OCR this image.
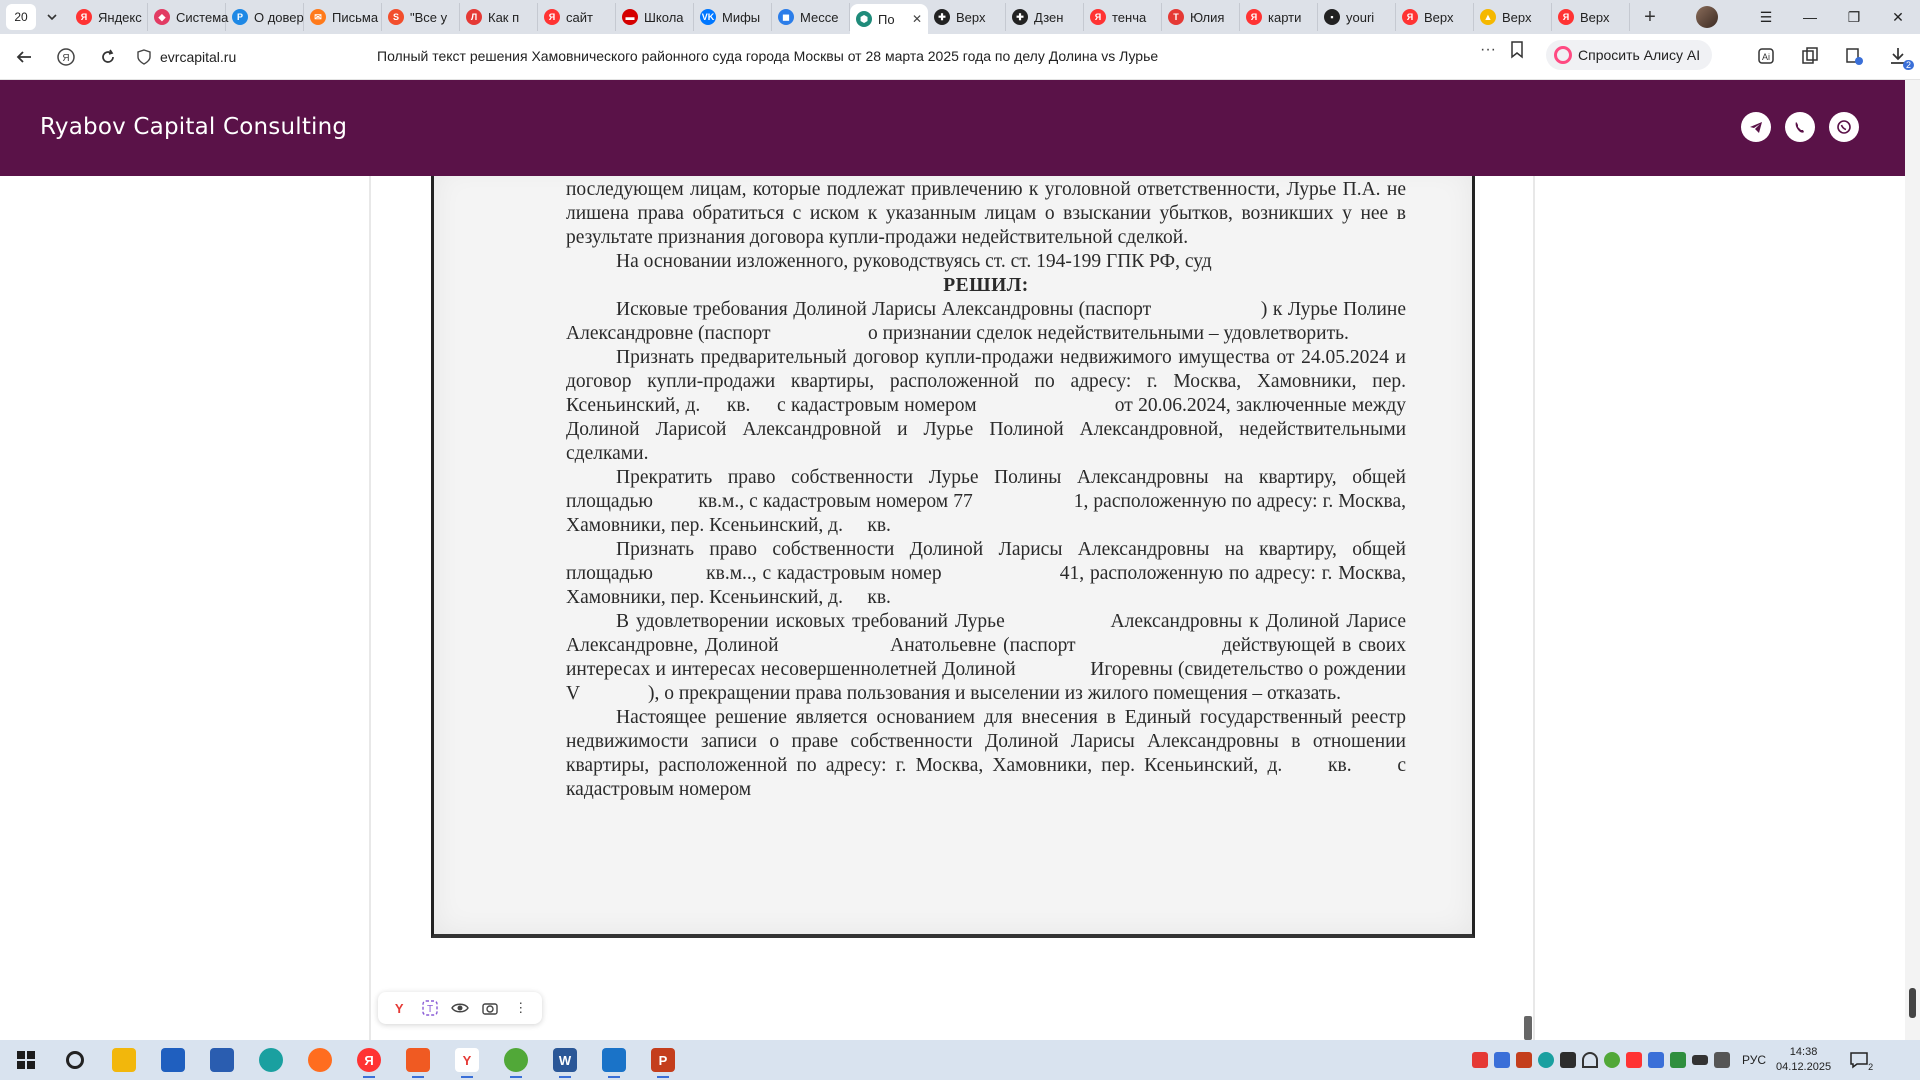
20	Я Яндекс	◆ Система P О довер	✉ Письма	S "Все у	Л Как п	Я сайт	▬ Школа VK Мифы	◼ Мессе	⬢ По ✕	✚ Верх	✚ Дзен	Я тенча	T Юлия	Я карти	▪ youri	Я Верх	▲ Верх	Я Верх	+	☰	—	❐	✕
Я	evrcapital.ru	Полный текст решения Хамовнического районного суда города Москвы от 28 марта 2025 года по делу Долина vs Лурье	···	Спросить Алису AI	Ai
2
Ryabov Capital Consulting

последующем лицам, которые подлежат привлечению к уголовной ответственности, Лурье П.А. не лишена права обратиться с иском к указанным лицам о взыскании убытков, возникших у нее в результате признания договора купли-продажи недействительной сделкой.

На основании изложенного, руководствуясь ст. ст. 194-199 ГПК РФ, суд

РЕШИЛ:

Исковые требования Долиной Ларисы Александровны (паспорт                    ) к Лурье Полине Александровне (паспорт                    о признании сделок недействительными – удовлетворить.

Признать предварительный договор купли-продажи недвижимого имущества от 24.05.2024 и договор купли-продажи квартиры, расположенной по адресу: г. Москва, Хамовники, пер. Ксеньинский, д.     кв.     с кадастровым номером                          от 20.06.2024, заключенные между Долиной Ларисой Александровной и Лурье Полиной Александровной, недействительными сделками.

Прекратить право собственности Лурье Полины Александровны на квартиру, общей площадью         кв.м., с кадастровым номером 77                    1, расположенную по адресу: г. Москва, Хамовники, пер. Ксеньинский, д.     кв.

Признать право собственности Долиной Ларисы Александровны на квартиру, общей площадью         кв.м.., с кадастровым номер                    41, расположенную по адресу: г. Москва, Хамовники, пер. Ксеньинский, д.     кв.

В удовлетворении исковых требований Лурье               Александровны к Долиной Ларисе Александровне, Долиной                Анатольевне (паспорт                     действующей в своих интересах и интересах несовершеннолетней Долиной              Игоревны (свидетельство о рождении V              ), о прекращении права пользования и выселении из жилого помещения – отказать.

Настоящее решение является основанием для внесения в Единый государственный реестр недвижимости записи о праве собственности Долиной Ларисы Александровны в отношении квартиры, расположенной по адресу: г. Москва, Хамовники, пер. Ксеньинский, д.     кв.     с кадастровым номером

Y T	⋮
Я	Y	W	P	РУС
14:38
04.12.2025	2
